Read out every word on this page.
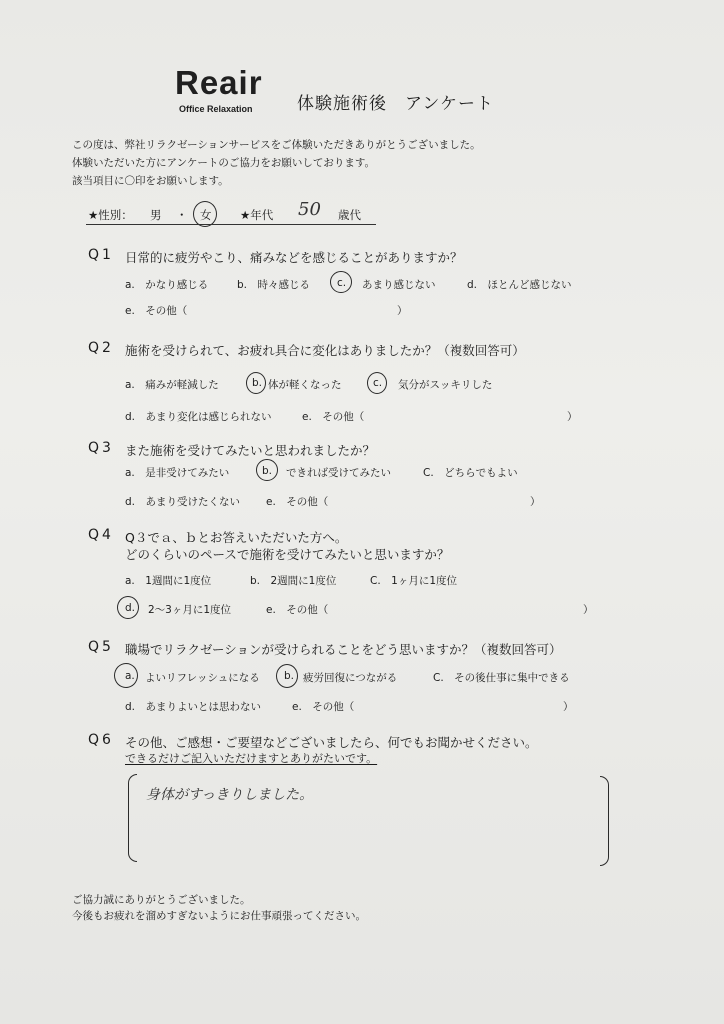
Reair
Office Relaxation	体験施術後　アンケート
この度は、弊社リラクゼーションサービスをご体験いただきありがとうございました。
体験いただいた方にアンケートのご協力をお願いしております。
該当項目に〇印をお願いします。
★性別： 男 ・ 女 ★年代 50 歳代
Q1 日常的に疲労やこり、痛みなどを感じることがありますか？
a.　かなり感じる	b.　時々感じる	c. あまり感じない	d.　ほとんど感じない
e.　その他（	）
Q2 施術を受けられて、お疲れ具合に変化はありましたか？（複数回答可）
a.　痛みが軽減した	b. 体が軽くなった	c. 気分がスッキリした
d.　あまり変化は感じられない	e.　その他（	）
Q3 また施術を受けてみたいと思われましたか？
a.　是非受けてみたい	b. できれば受けてみたい	C.　どちらでもよい
d.　あまり受けたくない e.　その他（	）
Q4 Q３でａ、ｂとお答えいただいた方へ。
どのくらいのペースで施術を受けてみたいと思いますか？
a.　1週間に1度位	b.　2週間に1度位	C.　1ヶ月に1度位
d. 2～3ヶ月に1度位	e.　その他（	）
Q5 職場でリラクゼーションが受けられることをどう思いますか？（複数回答可）
a. よいリフレッシュになる b. 疲労回復につながる	C.　その後仕事に集中できる
d.　あまりよいとは思わない	e.　その他（	）
Q6 その他、ご感想・ご要望などございましたら、何でもお聞かせください。
できるだけご記入いただけますとありがたいです。
身体がすっきりしました。
ご協力誠にありがとうございました。
今後もお疲れを溜めすぎないようにお仕事頑張ってください。
